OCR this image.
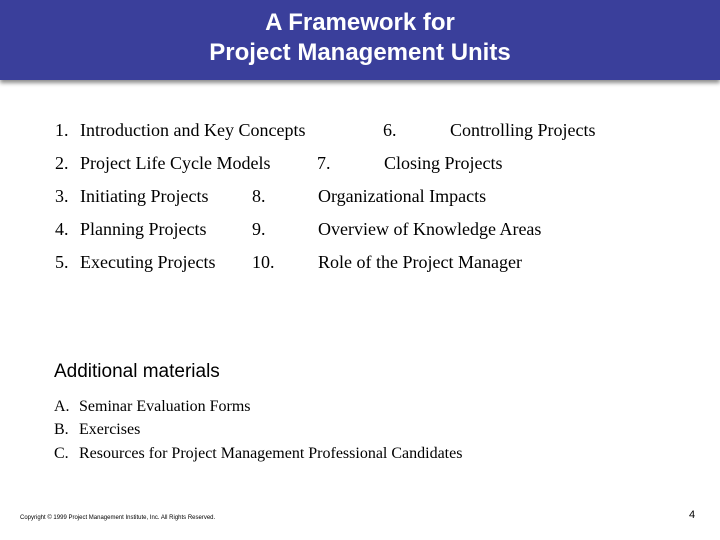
A Framework for
Project Management Units
1. Introduction and Key Concepts	6.	Controlling Projects
2. Project Life Cycle Models	7.	Closing Projects
3. Initiating Projects 8.	Organizational Impacts
4. Planning Projects	9.	Overview of Knowledge Areas
5. Executing Projects 10. Role of the Project Manager
Additional materials
A. Seminar Evaluation Forms
B. Exercises
C. Resources for Project Management Professional Candidates
Copyright © 1999 Project Management Institute, Inc. All Rights Reserved.	4
